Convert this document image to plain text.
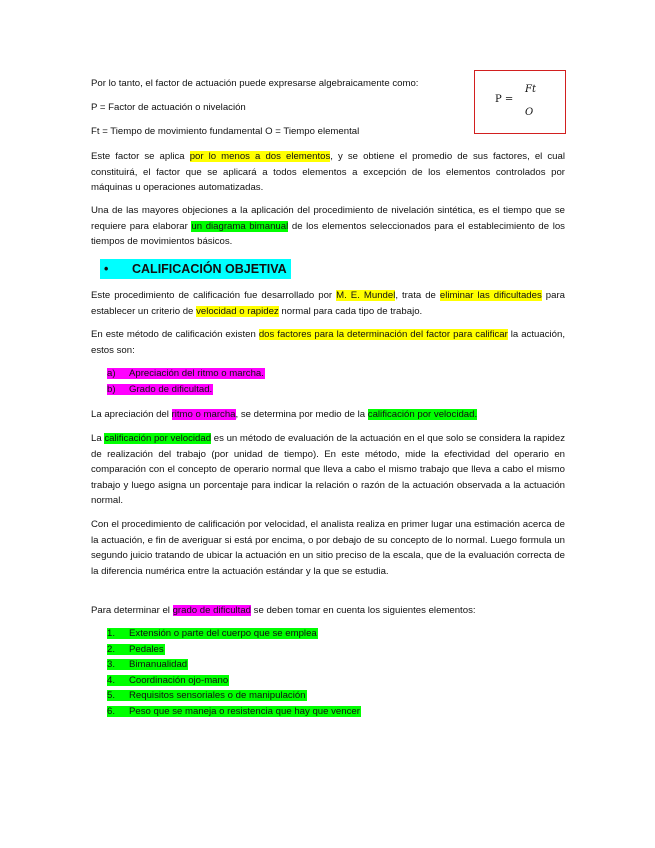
P =
Ft
O

Por lo tanto, el factor de actuación puede expresarse algebraicamente como:

P = Factor de actuación o nivelación

Ft = Tiempo de movimiento fundamental O = Tiempo elemental

Este factor se aplica por lo menos a dos elementos, y se obtiene el promedio de sus factores, el cual constituirá, el factor que se aplicará a todos elementos a excepción de los elementos controlados por máquinas u operaciones automatizadas.

Una de las mayores objeciones a la aplicación del procedimiento de nivelación sintética, es el tiempo que se requiere para elaborar un diagrama bimanual de los elementos seleccionados para el establecimiento de los tiempos de movimientos básicos.

• CALIFICACIÓN OBJETIVA

Este procedimiento de calificación fue desarrollado por M. E. Mundel, trata de eliminar las dificultades para establecer un criterio de velocidad o rapidez normal para cada tipo de trabajo.

En este método de calificación existen dos factores para la determinación del factor para calificar la actuación, estos son:

a) Apreciación del ritmo o marcha.
b) Grado de dificultad.

La apreciación del ritmo o marcha, se determina por medio de la calificación por velocidad.

La calificación por velocidad es un método de evaluación de la actuación en el que solo se considera la rapidez de realización del trabajo (por unidad de tiempo). En este método, mide la efectividad del operario en comparación con el concepto de operario normal que lleva a cabo el mismo trabajo que lleva a cabo el mismo trabajo y luego asigna un porcentaje para indicar la relación o razón de la actuación observada a la actuación normal.

Con el procedimiento de calificación por velocidad, el analista realiza en primer lugar una estimación acerca de la actuación, e fin de averiguar si está por encima, o por debajo de su concepto de lo normal. Luego formula un segundo juicio tratando de ubicar la actuación en un sitio preciso de la escala, que de la evaluación correcta de la diferencia numérica entre la actuación estándar y la que se estudia.

Para determinar el grado de dificultad se deben tomar en cuenta los siguientes elementos:

1. Extensión o parte del cuerpo que se emplea
2. Pedales
3. Bimanualidad
4. Coordinación ojo-mano
5. Requisitos sensoriales o de manipulación
6. Peso que se maneja o resistencia que hay que vencer
